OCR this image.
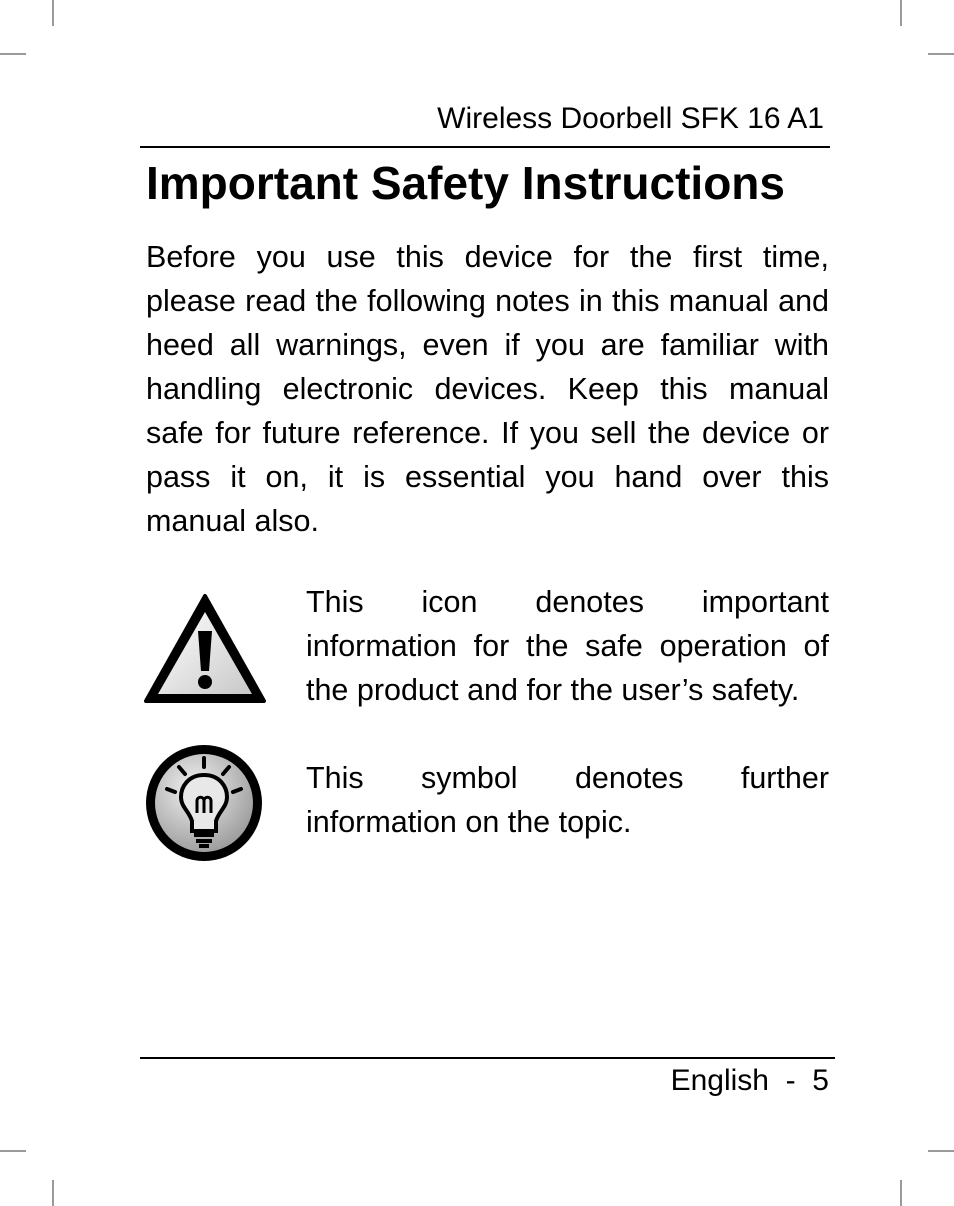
Wireless Doorbell SFK 16 A1
Important Safety Instructions

Before you use this device for the first time, please read the following notes in this manual and heed all warnings, even if you are familiar with handling electronic devices. Keep this manual safe for future reference. If you sell the device or pass it on, it is essential you hand over this manual also.

This icon denotes important information for the safe operation of the product and for the user’s safety.

This symbol denotes further information on the topic.

English  -  5
